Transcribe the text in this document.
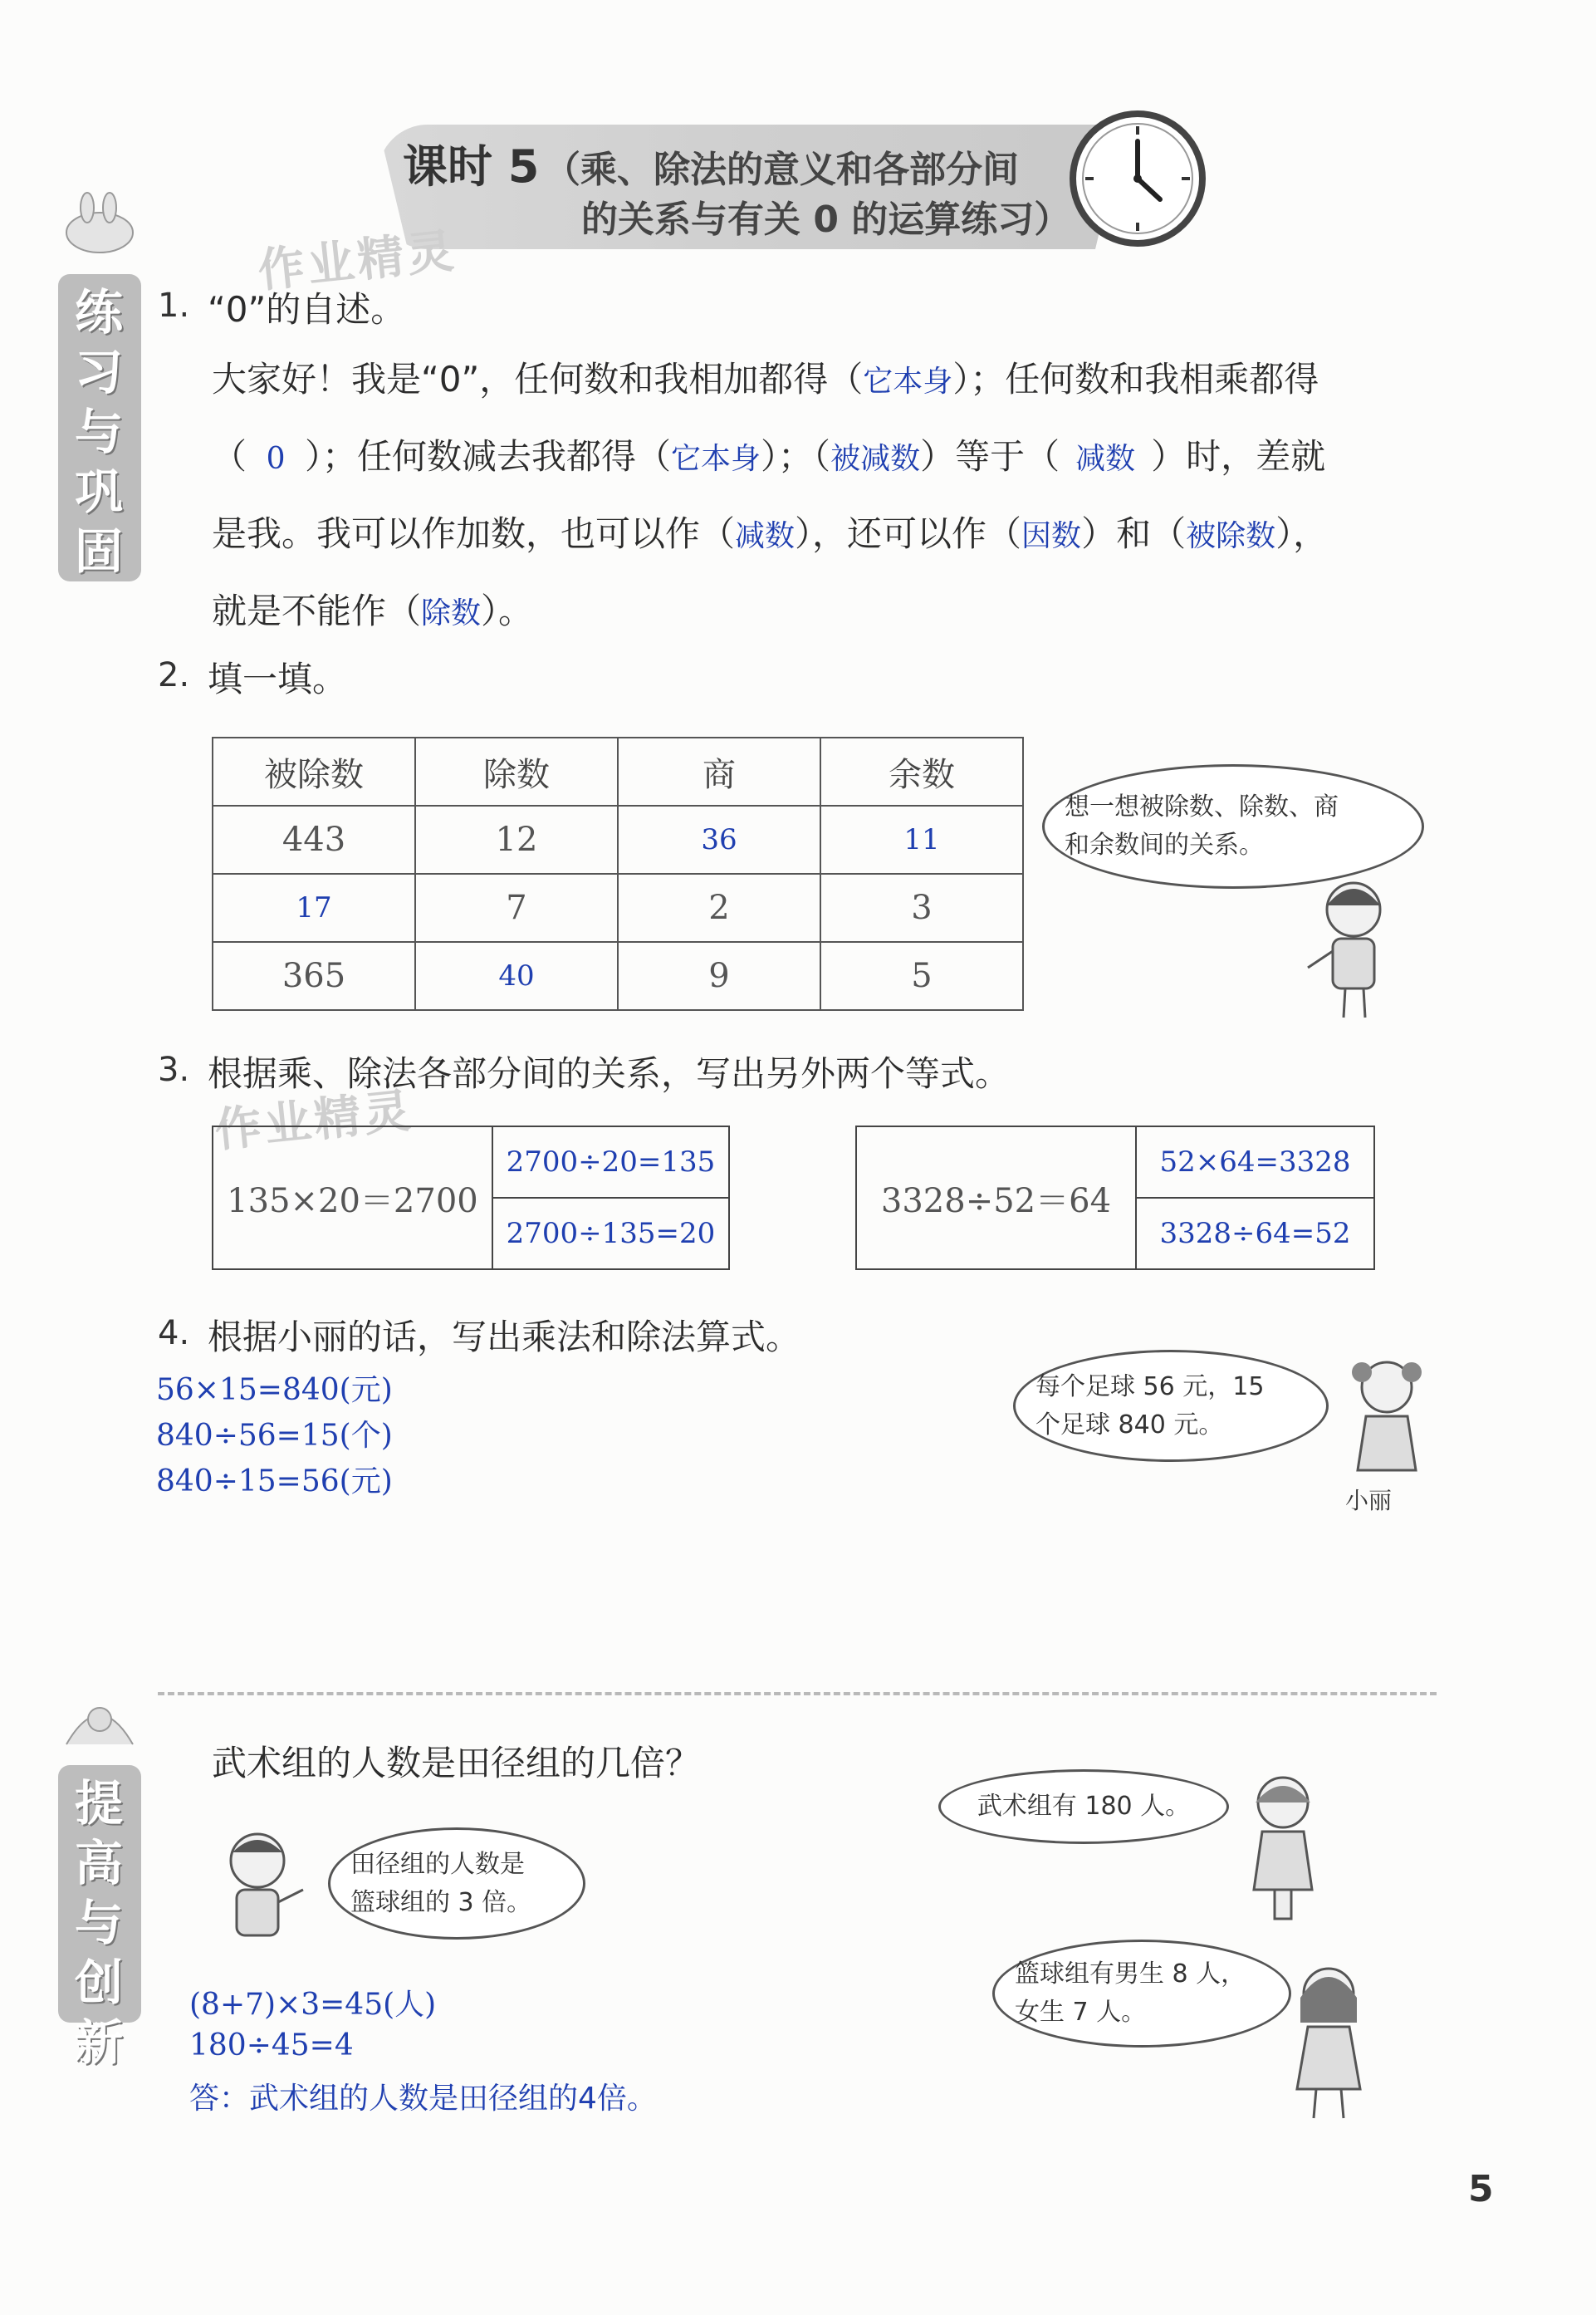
课时 5 （乘、除法的意义和各部分间
的关系与有关 0 的运算练习）
练习与巩固
提高与创新
作业精灵
作业精灵
1. “0”的自述。
大家好！我是“0”，任何数和我相加都得（它本身）；任何数和我相乘都得
（ 0 ）；任何数减去我都得（它本身）；（被减数）等于（ 减数 ）时，差就
是我。我可以作加数，也可以作（减数），还可以作（因数）和（被除数），
就是不能作（除数）。
2. 填一填。
被除数	除数	商	余数
443	12	36	11
17	7	2	3
365	40	9	5
想一想被除数、除数、商
和余数间的关系。
3. 根据乘、除法各部分间的关系，写出另外两个等式。
135×20＝2700
2700÷20=135
2700÷135=20
3328÷52＝64
52×64=3328
3328÷64=52
4. 根据小丽的话，写出乘法和除法算式。
56×15=840(元)
840÷56=15(个)
840÷15=56(元)
每个足球 56 元，15
个足球 840 元。
小丽
武术组的人数是田径组的几倍？
田径组的人数是
篮球组的 3 倍。
武术组有 180 人。
篮球组有男生 8 人，
女生 7 人。
(8+7)×3=45(人)
180÷45=4
答：武术组的人数是田径组的4倍。
5
